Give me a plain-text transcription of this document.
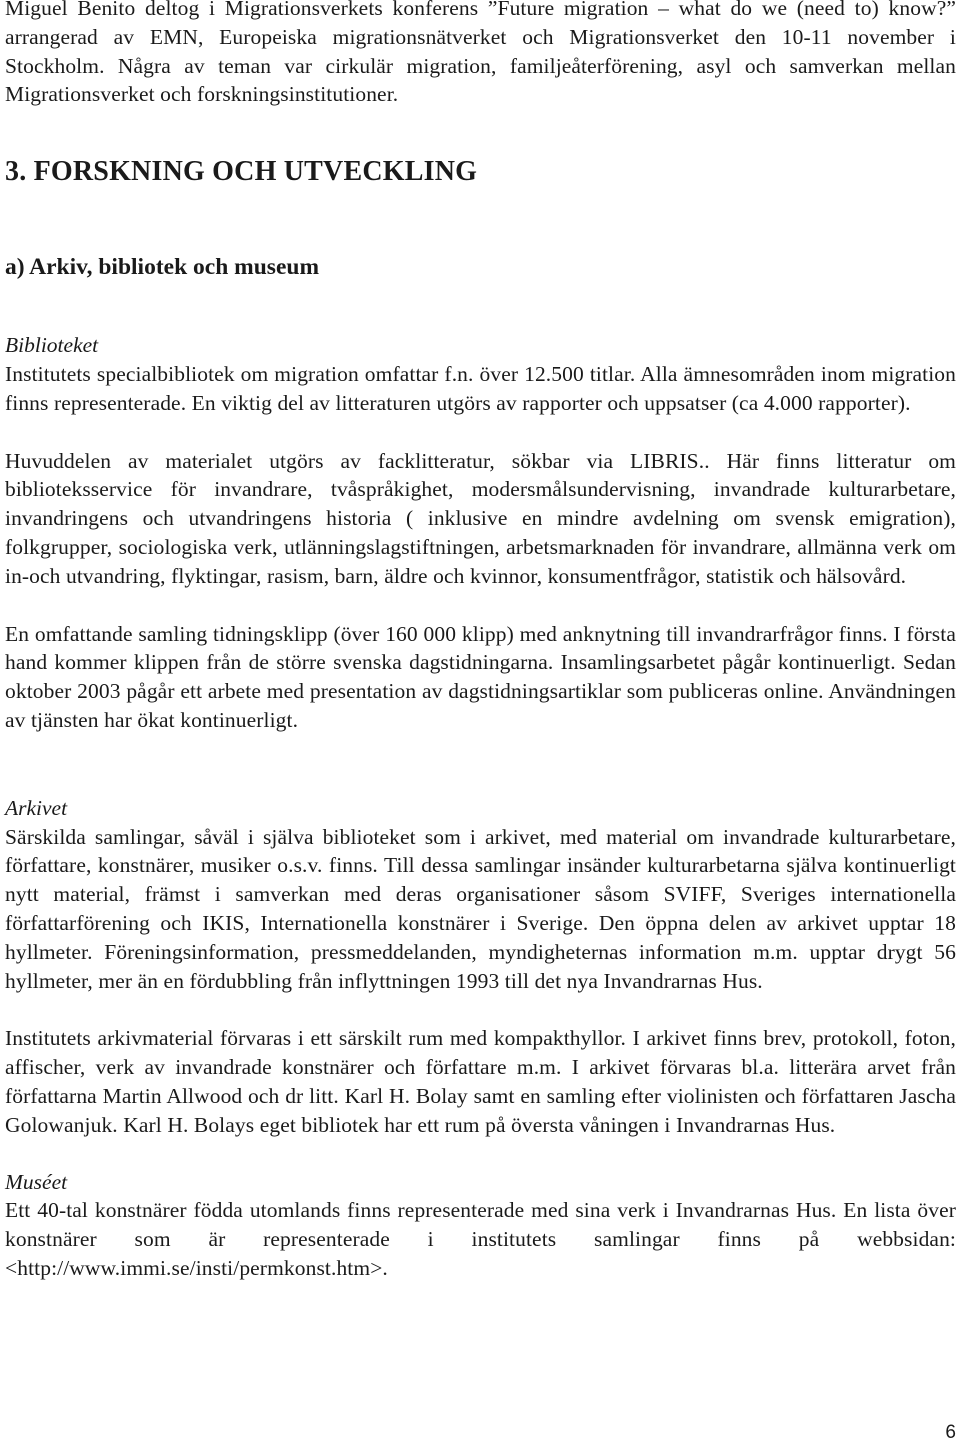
Miguel Benito deltog i Migrationsverkets konferens ”Future migration – what do we (need to) know?” arrangerad av EMN, Europeiska migrationsnätverket och Migrationsverket den 10-11 november i Stockholm. Några av teman var cirkulär migration, familjeåterförening, asyl och samverkan mellan Migrationsverket och forskningsinstitutioner.

3. FORSKNING OCH UTVECKLING
a) Arkiv, bibliotek och museum
Biblioteket

Institutets specialbibliotek om migration omfattar f.n. över 12.500 titlar. Alla ämnesområden inom migration finns representerade. En viktig del av litteraturen utgörs av rapporter och uppsatser (ca 4.000 rapporter).

Huvuddelen av materialet utgörs av facklitteratur, sökbar via LIBRIS.. Här finns litteratur om biblioteksservice för invandrare, tvåspråkighet, modersmålsundervisning, invandrade kulturarbetare, invandringens och utvandringens historia ( inklusive en mindre avdelning om svensk emigration), folkgrupper, sociologiska verk, utlänningslagstiftningen, arbetsmarknaden för invandrare, allmänna verk om in-och utvandring, flyktingar, rasism, barn, äldre och kvinnor, konsumentfrågor, statistik och hälsovård.

En omfattande samling tidningsklipp (över 160 000 klipp) med anknytning till invandrarfrågor finns. I första hand kommer klippen från de större svenska dagstidningarna. Insamlingsarbetet pågår kontinuerligt. Sedan oktober 2003 pågår ett arbete med presentation av dagstidningsartiklar som publiceras online. Användningen av tjänsten har ökat kontinuerligt.

Arkivet

Särskilda samlingar, såväl i själva biblioteket som i arkivet, med material om invandrade kulturarbetare, författare, konstnärer, musiker o.s.v. finns. Till dessa samlingar insänder kulturarbetarna själva kontinuerligt nytt material, främst i samverkan med deras organisationer såsom SVIFF, Sveriges internationella författarförening och IKIS, Internationella konstnärer i Sverige. Den öppna delen av arkivet upptar 18 hyllmeter. Föreningsinformation, pressmeddelanden, myndigheternas information m.m. upptar drygt 56 hyllmeter, mer än en fördubbling från inflyttningen 1993 till det nya Invandrarnas Hus.

Institutets arkivmaterial förvaras i ett särskilt rum med kompakthyllor. I arkivet finns brev, protokoll, foton, affischer, verk av invandrade konstnärer och författare m.m. I arkivet förvaras bl.a. litterära arvet från författarna Martin Allwood och dr litt. Karl H. Bolay samt en samling efter violinisten och författaren Jascha Golowanjuk. Karl H. Bolays eget bibliotek har ett rum på översta våningen i Invandrarnas Hus.

Muséet

Ett 40-tal konstnärer födda utomlands finns representerade med sina verk i Invandrarnas Hus. En lista över konstnärer som är representerade i institutets samlingar finns på webbsidan: <http://www.immi.se/insti/permkonst.htm>.

6
